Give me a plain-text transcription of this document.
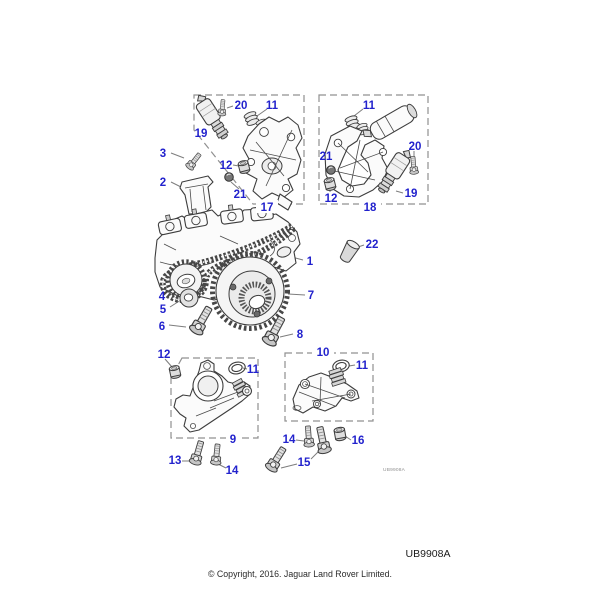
3
2
19
20 11
12
21
17
11
21
20
12	19
18
1
22
4
5
6
7
8
12
11
9
13
14
10
11
14	16
15
UB9908A
UB9908A
© Copyright, 2016. Jaguar Land Rover Limited.
